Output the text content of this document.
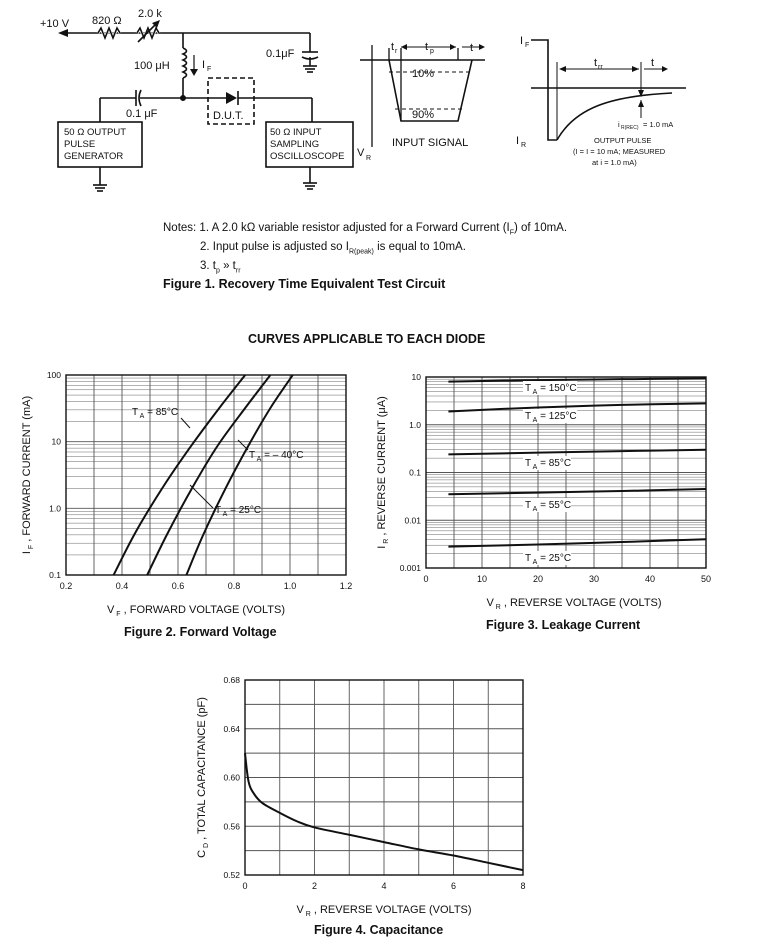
+10 V 820 Ω
2.0 k
100 μH	I F
0.1μF
0.1 μF	D.U.T.
50 Ω OUTPUT
PULSE
GENERATOR
50 Ω INPUT
SAMPLING
OSCILLOSCOPE
t r	t p	t
10%
90%
V R
INPUT SIGNAL
I F
I R
t rr	t
i R(REC) = 1.0 mA
OUTPUT PULSE
(I = I = 10 mA; MEASURED
at i = 1.0 mA)
Notes: 1. A 2.0 kΩ variable resistor adjusted for a Forward Current $(I_F)$ of 10mA.
2. Input pulse is adjusted so $I_{R(peak)}$ is equal to 10mA.
3. $t_p$ » $t_{rr}$
Figure 1. Recovery Time Equivalent Test Circuit
CURVES APPLICABLE TO EACH DIODE
0.2	0.4	0.6	0.8	1.0	1.2
0.1
1.0
10
100
V $_F$ , FORWARD VOLTAGE (VOLTS)
I $_F$ , FORWARD CURRENT (mA)	T $_A$ = 85°C
T $_A$ = 25°C
T $_A$ = – 40°C
0	10	20	30	40	50
0.001
0.01
0.1
1.0
10
V $_R$ , REVERSE VOLTAGE (VOLTS)
I $_R$ , REVERSE CURRENT (μA)
T $_A$ = 150°C
T $_A$ = 125°C
T $_A$ = 85°C
T $_A$ = 55°C
T $_A$ = 25°C
0	2	4	6	8
0.52
0.56
0.60
0.64
0.68
V $_R$ , REVERSE VOLTAGE (VOLTS)
C $_D$ , TOTAL CAPACITANCE (pF)
Figure 2. Forward Voltage	Figure 3. Leakage Current
Figure 4. Capacitance
